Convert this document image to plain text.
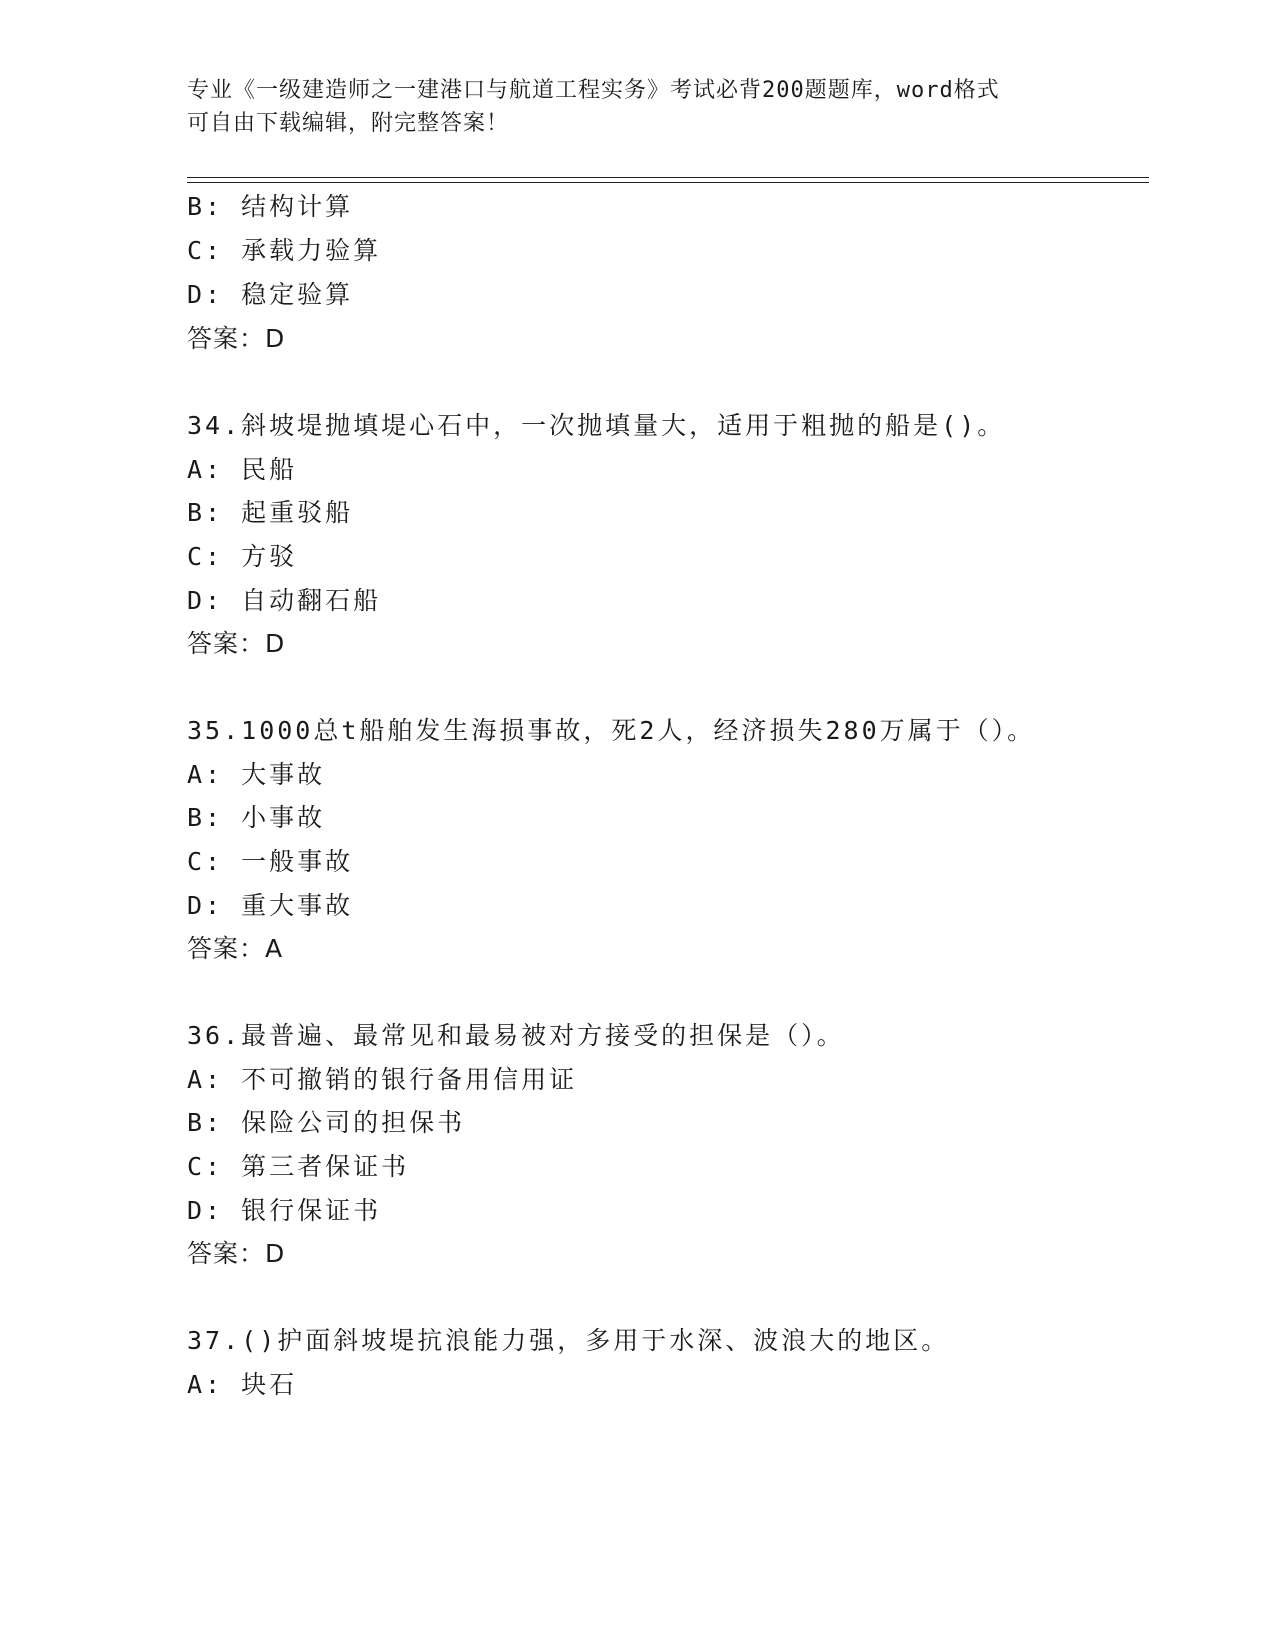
专业《一级建造师之一建港口与航道工程实务》考试必背200题题库，word格式
可自由下载编辑，附完整答案！
B: 结构计算
C: 承载力验算
D: 稳定验算
答案：D
34.斜坡堤抛填堤心石中，一次抛填量大，适用于粗抛的船是()。
A: 民船
B: 起重驳船
C: 方驳
D: 自动翻石船
答案：D
35.1000总t船舶发生海损事故，死2人，经济损失280万属于（）。
A: 大事故
B: 小事故
C: 一般事故
D: 重大事故
答案：A
36.最普遍、最常见和最易被对方接受的担保是（）。
A: 不可撤销的银行备用信用证
B: 保险公司的担保书
C: 第三者保证书
D: 银行保证书
答案：D
37.()护面斜坡堤抗浪能力强，多用于水深、波浪大的地区。
A: 块石
